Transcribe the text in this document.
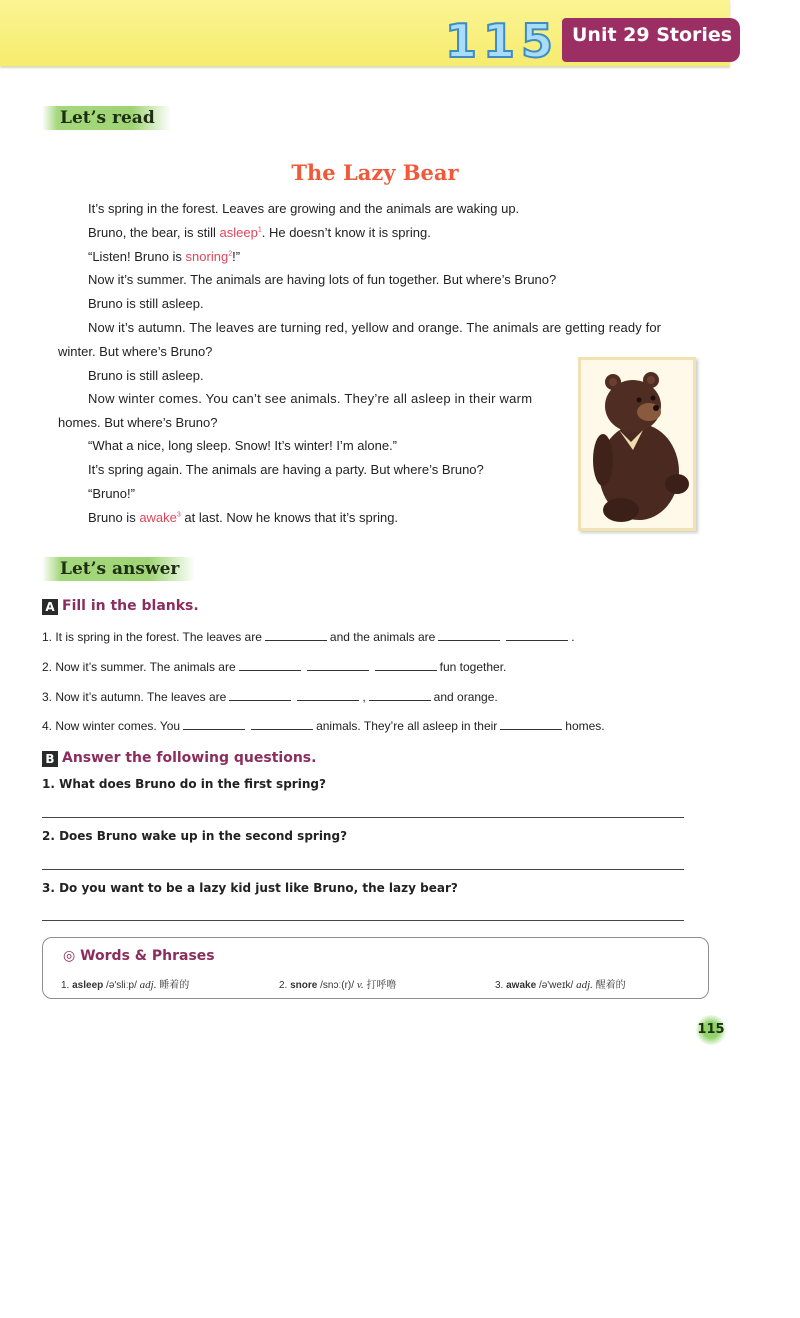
115 Unit 29 Stories
Let’s read
The Lazy Bear
It’s spring in the forest. Leaves are growing and the animals are waking up.
Bruno, the bear, is still asleep$^1$. He doesn’t know it is spring.
“Listen! Bruno is snoring$^2$!”
Now it’s summer. The animals are having lots of fun together. But where’s Bruno?
Bruno is still asleep.
Now it’s autumn. The leaves are turning red, yellow and orange. The animals are getting ready for
winter. But where’s Bruno?
Bruno is still asleep.
Now winter comes. You can’t see animals. They’re all asleep in their warm
homes. But where’s Bruno?
“What a nice, long sleep. Snow! It’s winter! I’m alone.”
It’s spring again. The animals are having a party. But where’s Bruno?
“Bruno!”
Bruno is awake$^3$ at last. Now he knows that it’s spring.
Let’s answer
A Fill in the blanks.
1. It is spring in the forest. The leaves are	and the animals are	.
2. Now it’s summer. The animals are	fun together.
3. Now it’s autumn. The leaves are	,	and orange.
4. Now winter comes. You	animals. They’re all asleep in their	homes.
B Answer the following questions.
1. What does Bruno do in the first spring?
2. Does Bruno wake up in the second spring?
3. Do you want to be a lazy kid just like Bruno, the lazy bear?
◎ Words & Phrases
1. asleep /ə'sliːp/ adj. 睡着的	2. snore /snɔː(r)/ v. 打呼噜	3. awake /ə'weɪk/ adj. 醒着的
115
